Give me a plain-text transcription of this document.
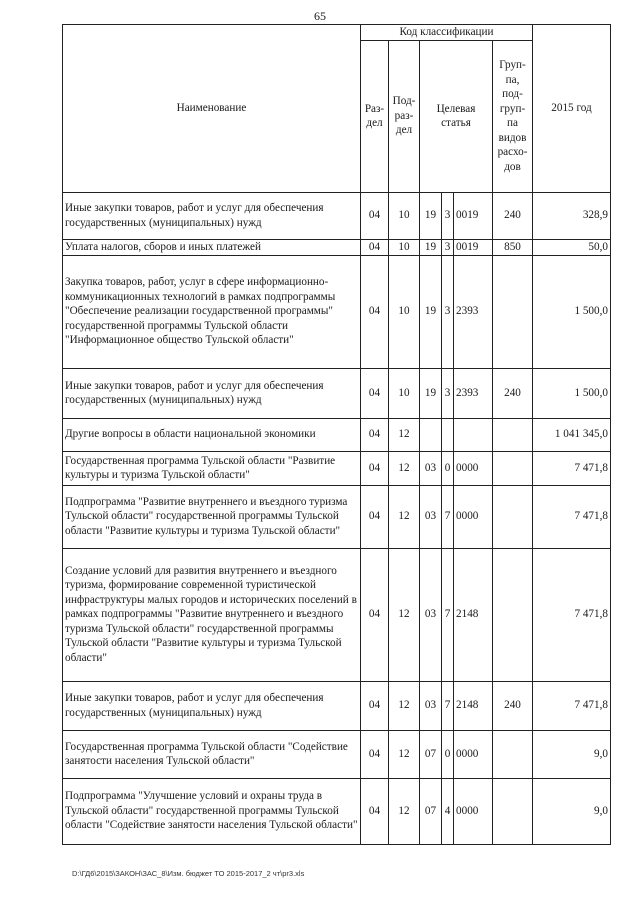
65
Наименование	Код классификации						2015 год
	Раз-дел	Под-раз-дел	Целевая статья			Груп-па, под-груп-па видов расхо-дов	
Иные закупки товаров, работ и услуг для обеспечения государственных (муниципальных) нужд	04	10	19	3	0019	240	328,9
Уплата налогов, сборов и иных платежей	04	10	19	3	0019	850	50,0
Закупка товаров, работ, услуг в сфере информационно-коммуникационных технологий в рамках подпрограммы "Обеспечение реализации государственной программы" государственной программы Тульской области "Информационное общество Тульской области"	04	10	19	3	2393		1 500,0
Иные закупки товаров, работ и услуг для обеспечения государственных (муниципальных) нужд	04	10	19	3	2393	240	1 500,0
Другие вопросы в области национальной экономики	04	12					1 041 345,0
Государственная программа Тульской области "Развитие культуры и туризма Тульской области"	04	12	03	0	0000		7 471,8
Подпрограмма "Развитие внутреннего и въездного туризма Тульской области" государственной программы Тульской области "Развитие культуры и туризма Тульской области"	04	12	03	7	0000		7 471,8
Создание условий для развития внутреннего и въездного туризма, формирование современной туристической инфраструктуры малых городов и исторических поселений в рамках подпрограммы "Развитие внутреннего и въездного туризма Тульской области" государственной программы Тульской области "Развитие культуры и туризма Тульской области"	04	12	03	7	2148		7 471,8
Иные закупки товаров, работ и услуг для обеспечения государственных (муниципальных) нужд	04	12	03	7	2148	240	7 471,8
Государственная программа Тульской области "Содействие занятости населения Тульской области"	04	12	07	0	0000		9,0
Подпрограмма "Улучшение условий и охраны труда в Тульской области" государственной программы Тульской области "Содействие занятости населения Тульской области"	04	12	07	4	0000		9,0
D:\ГД6\2015\ЗАКОН\ЗАС_8\Изм. бюджет ТО 2015-2017_2 чт\pr3.xls
